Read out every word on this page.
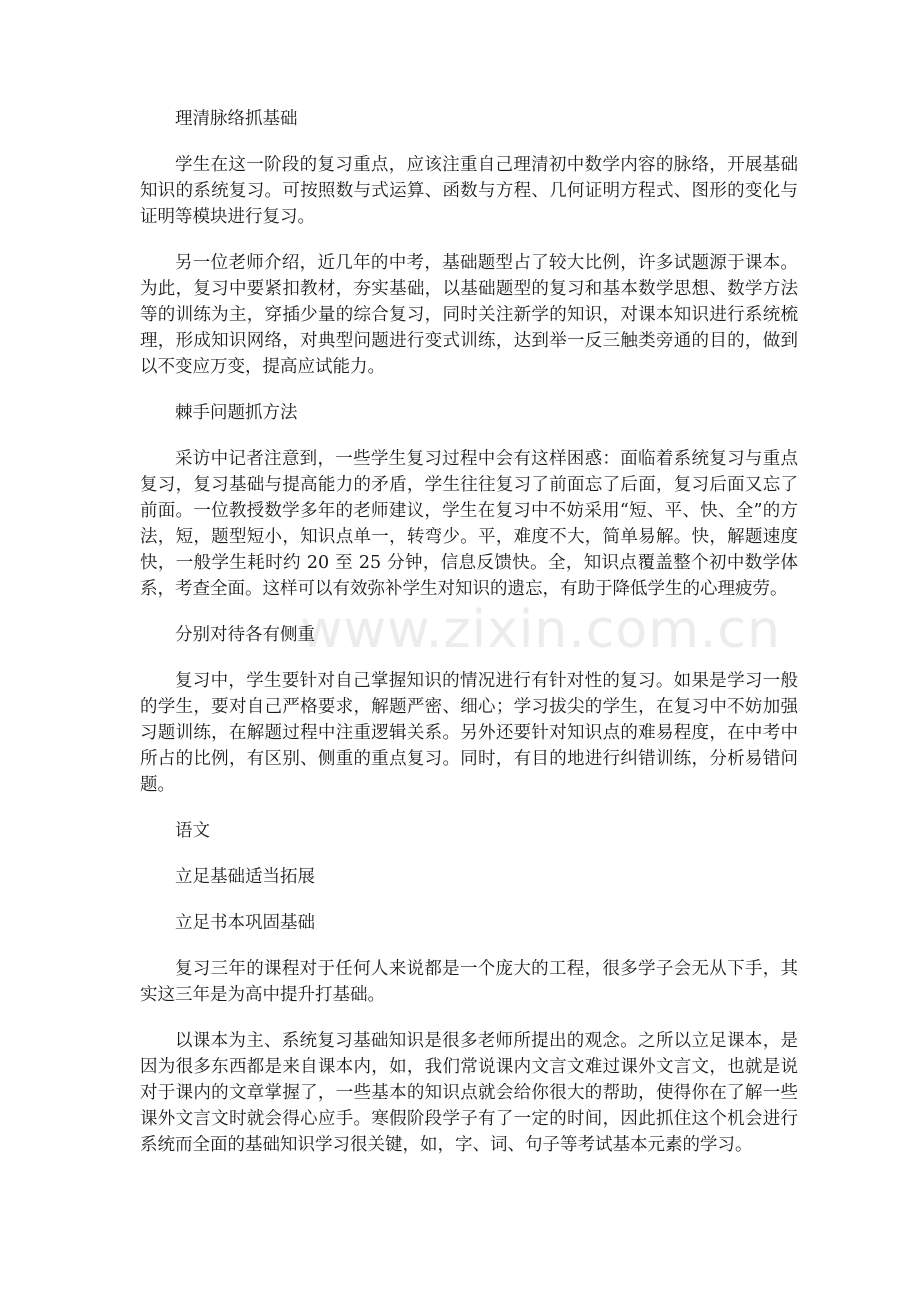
www.zixin.com.cn

理清脉络抓基础

学生在这一阶段的复习重点，应该注重自己理清初中数学内容的脉络，开展基础知识的系统复习。可按照数与式运算、函数与方程、几何证明方程式、图形的变化与证明等模块进行复习。

另一位老师介绍，近几年的中考，基础题型占了较大比例，许多试题源于课本。为此，复习中要紧扣教材，夯实基础，以基础题型的复习和基本数学思想、数学方法等的训练为主，穿插少量的综合复习，同时关注新学的知识，对课本知识进行系统梳理，形成知识网络，对典型问题进行变式训练，达到举一反三触类旁通的目的，做到以不变应万变，提高应试能力。

棘手问题抓方法

采访中记者注意到，一些学生复习过程中会有这样困惑：面临着系统复习与重点复习，复习基础与提高能力的矛盾，学生往往复习了前面忘了后面，复习后面又忘了前面。一位教授数学多年的老师建议，学生在复习中不妨采用“短、平、快、全”的方法，短，题型短小，知识点单一，转弯少。平，难度不大，简单易解。快，解题速度快，一般学生耗时约 20 至 25 分钟，信息反馈快。全，知识点覆盖整个初中数学体系，考查全面。这样可以有效弥补学生对知识的遗忘，有助于降低学生的心理疲劳。

分别对待各有侧重

复习中，学生要针对自己掌握知识的情况进行有针对性的复习。如果是学习一般的学生，要对自己严格要求，解题严密、细心；学习拔尖的学生，在复习中不妨加强习题训练，在解题过程中注重逻辑关系。另外还要针对知识点的难易程度，在中考中所占的比例，有区别、侧重的重点复习。同时，有目的地进行纠错训练，分析易错问题。

语文

立足基础适当拓展

立足书本巩固基础

复习三年的课程对于任何人来说都是一个庞大的工程，很多学子会无从下手，其实这三年是为高中提升打基础。

以课本为主、系统复习基础知识是很多老师所提出的观念。之所以立足课本，是因为很多东西都是来自课本内，如，我们常说课内文言文难过课外文言文，也就是说对于课内的文章掌握了，一些基本的知识点就会给你很大的帮助，使得你在了解一些课外文言文时就会得心应手。寒假阶段学子有了一定的时间，因此抓住这个机会进行系统而全面的基础知识学习很关键，如，字、词、句子等考试基本元素的学习。
